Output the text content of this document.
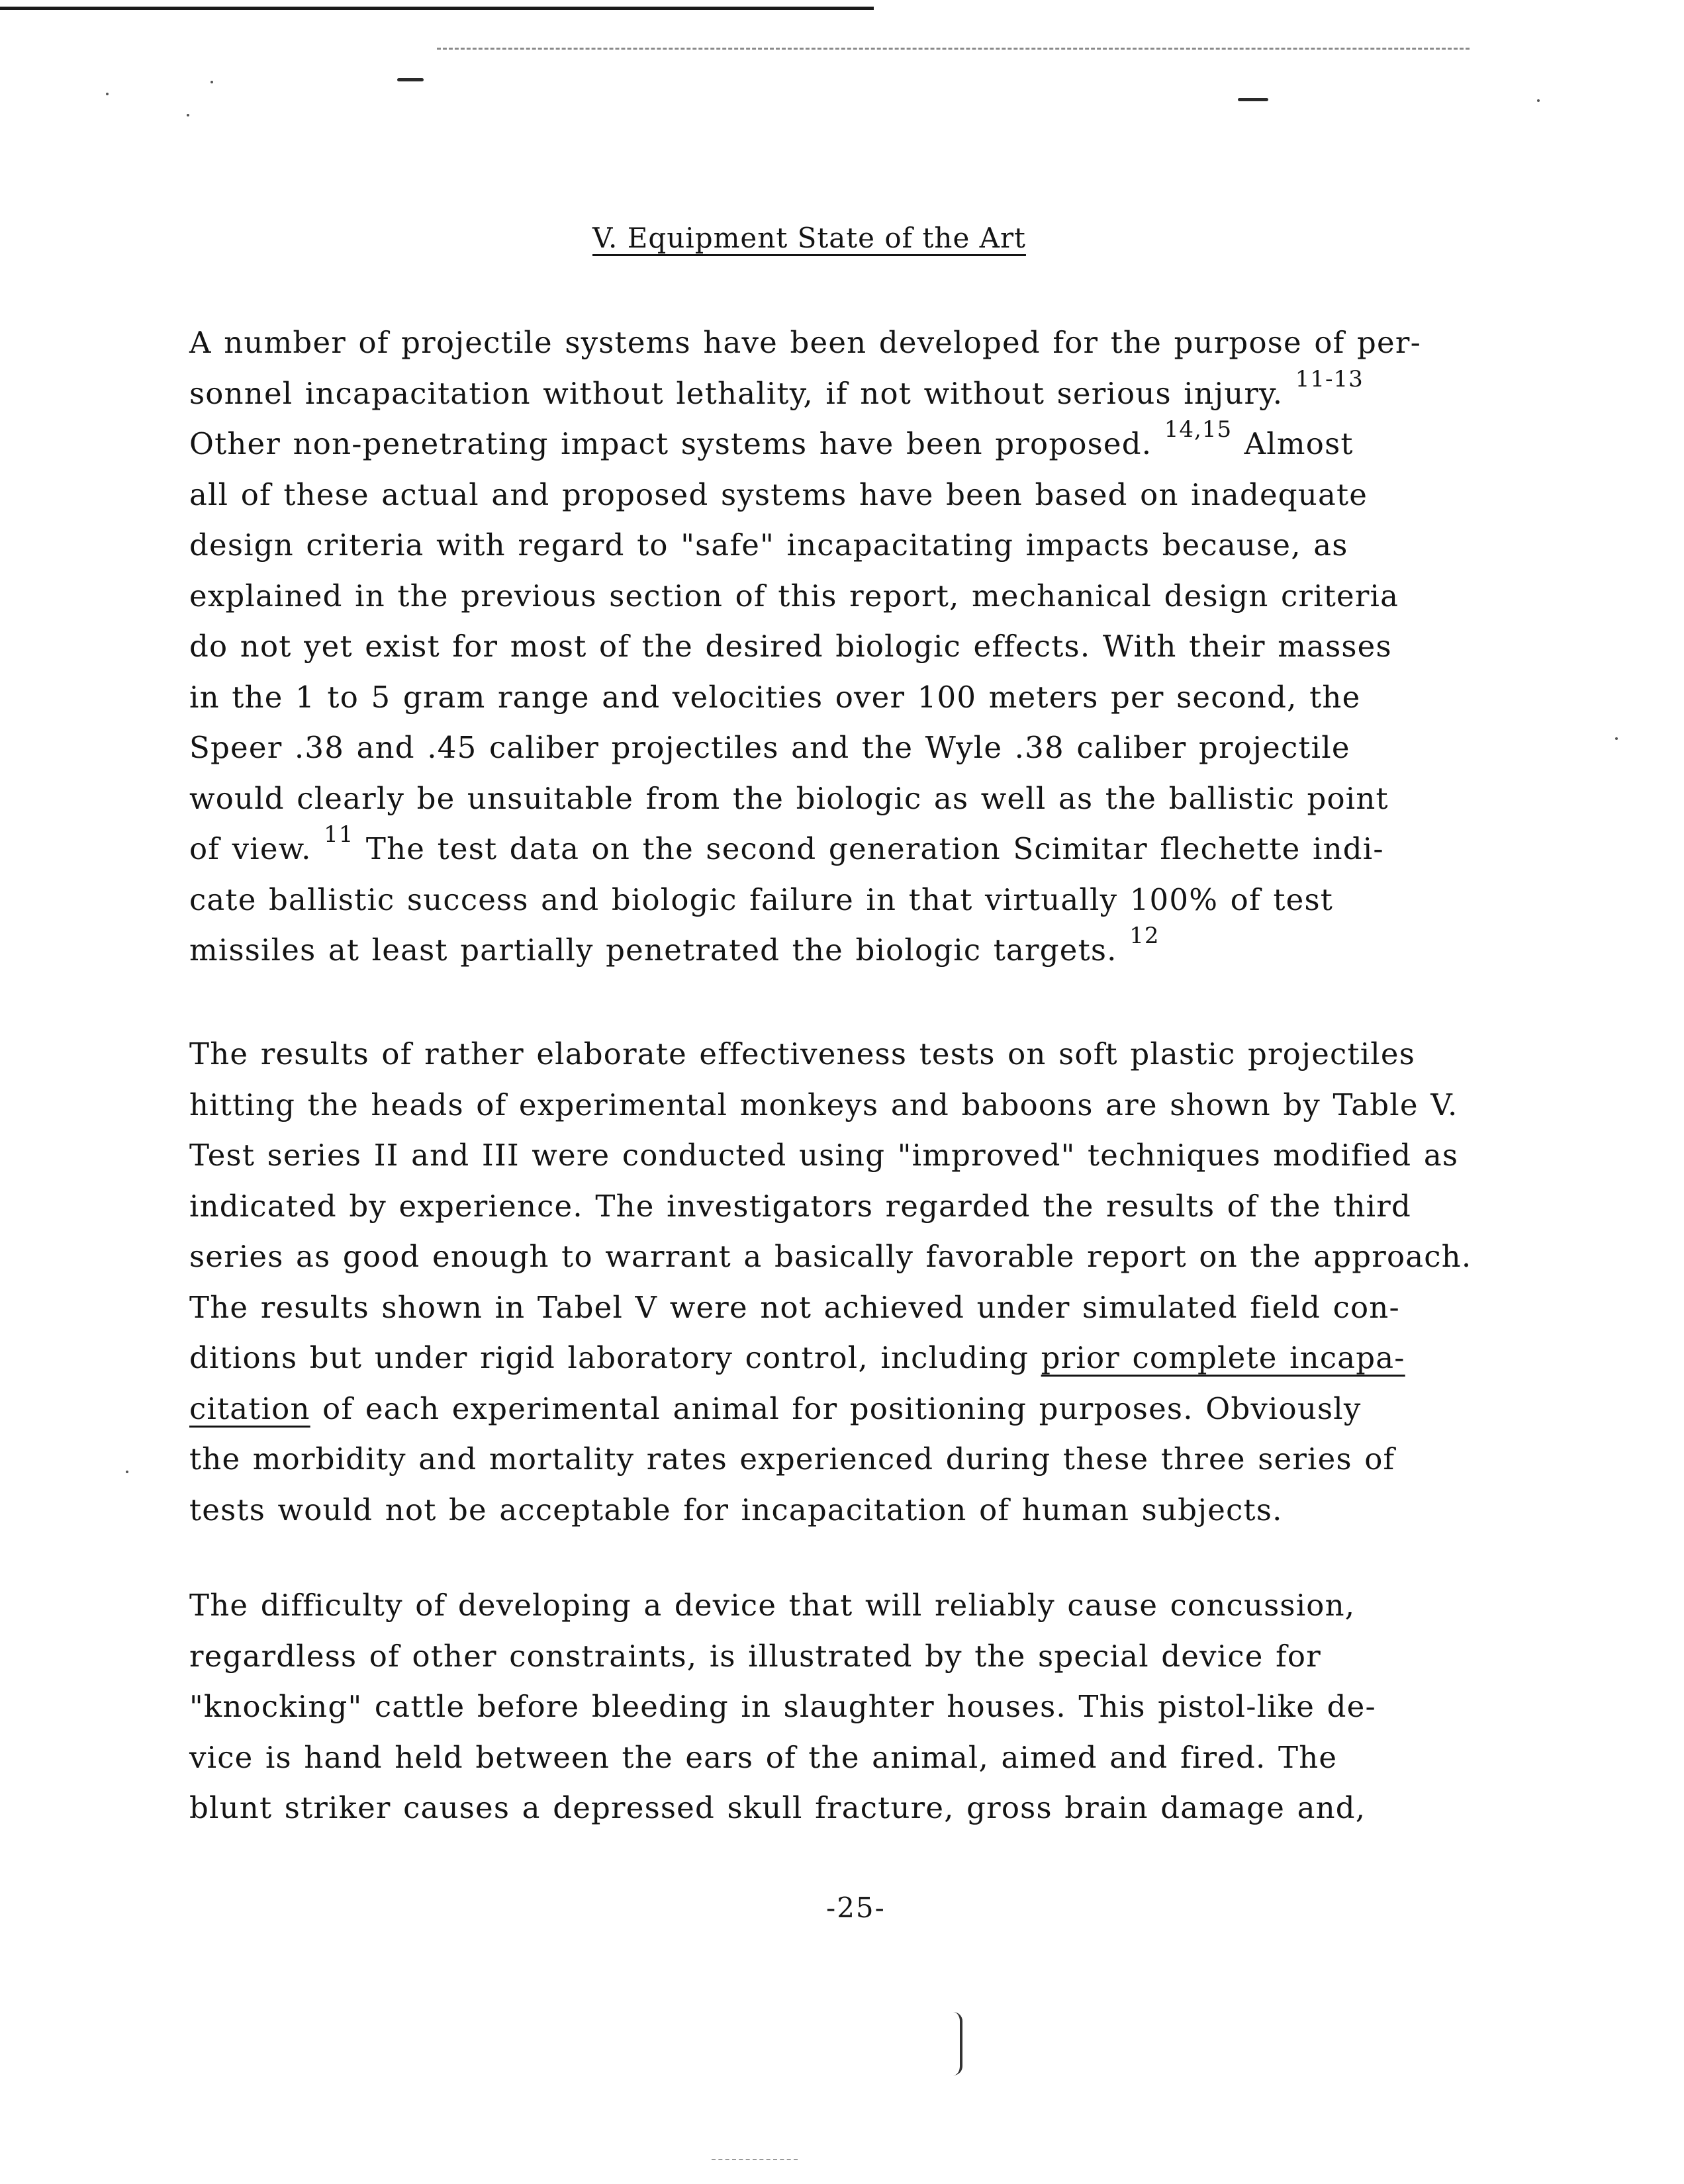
V. Equipment State of the Art
A number of projectile systems have been developed for the purpose of per-
sonnel incapacitation without lethality, if not without serious injury. $^{11-13}$
Other non-penetrating impact systems have been proposed. $^{14,15}$ Almost
all of these actual and proposed systems have been based on inadequate
design criteria with regard to "safe" incapacitating impacts because, as
explained in the previous section of this report, mechanical design criteria
do not yet exist for most of the desired biologic effects. With their masses
in the 1 to 5 gram range and velocities over 100 meters per second, the
Speer .38 and .45 caliber projectiles and the Wyle .38 caliber projectile
would clearly be unsuitable from the biologic as well as the ballistic point
of view. $^{11}$ The test data on the second generation Scimitar flechette indi-
cate ballistic success and biologic failure in that virtually 100% of test
missiles at least partially penetrated the biologic targets. $^{12}$
The results of rather elaborate effectiveness tests on soft plastic projectiles
hitting the heads of experimental monkeys and baboons are shown by Table V.
Test series II and III were conducted using "improved" techniques modified as
indicated by experience. The investigators regarded the results of the third
series as good enough to warrant a basically favorable report on the approach.
The results shown in Tabel V were not achieved under simulated field con-
ditions but under rigid laboratory control, including prior complete incapa-
citation of each experimental animal for positioning purposes. Obviously
the morbidity and mortality rates experienced during these three series of
tests would not be acceptable for incapacitation of human subjects.
The difficulty of developing a device that will reliably cause concussion,
regardless of other constraints, is illustrated by the special device for
"knocking" cattle before bleeding in slaughter houses. This pistol-like de-
vice is hand held between the ears of the animal, aimed and fired. The
blunt striker causes a depressed skull fracture, gross brain damage and,
-25-
